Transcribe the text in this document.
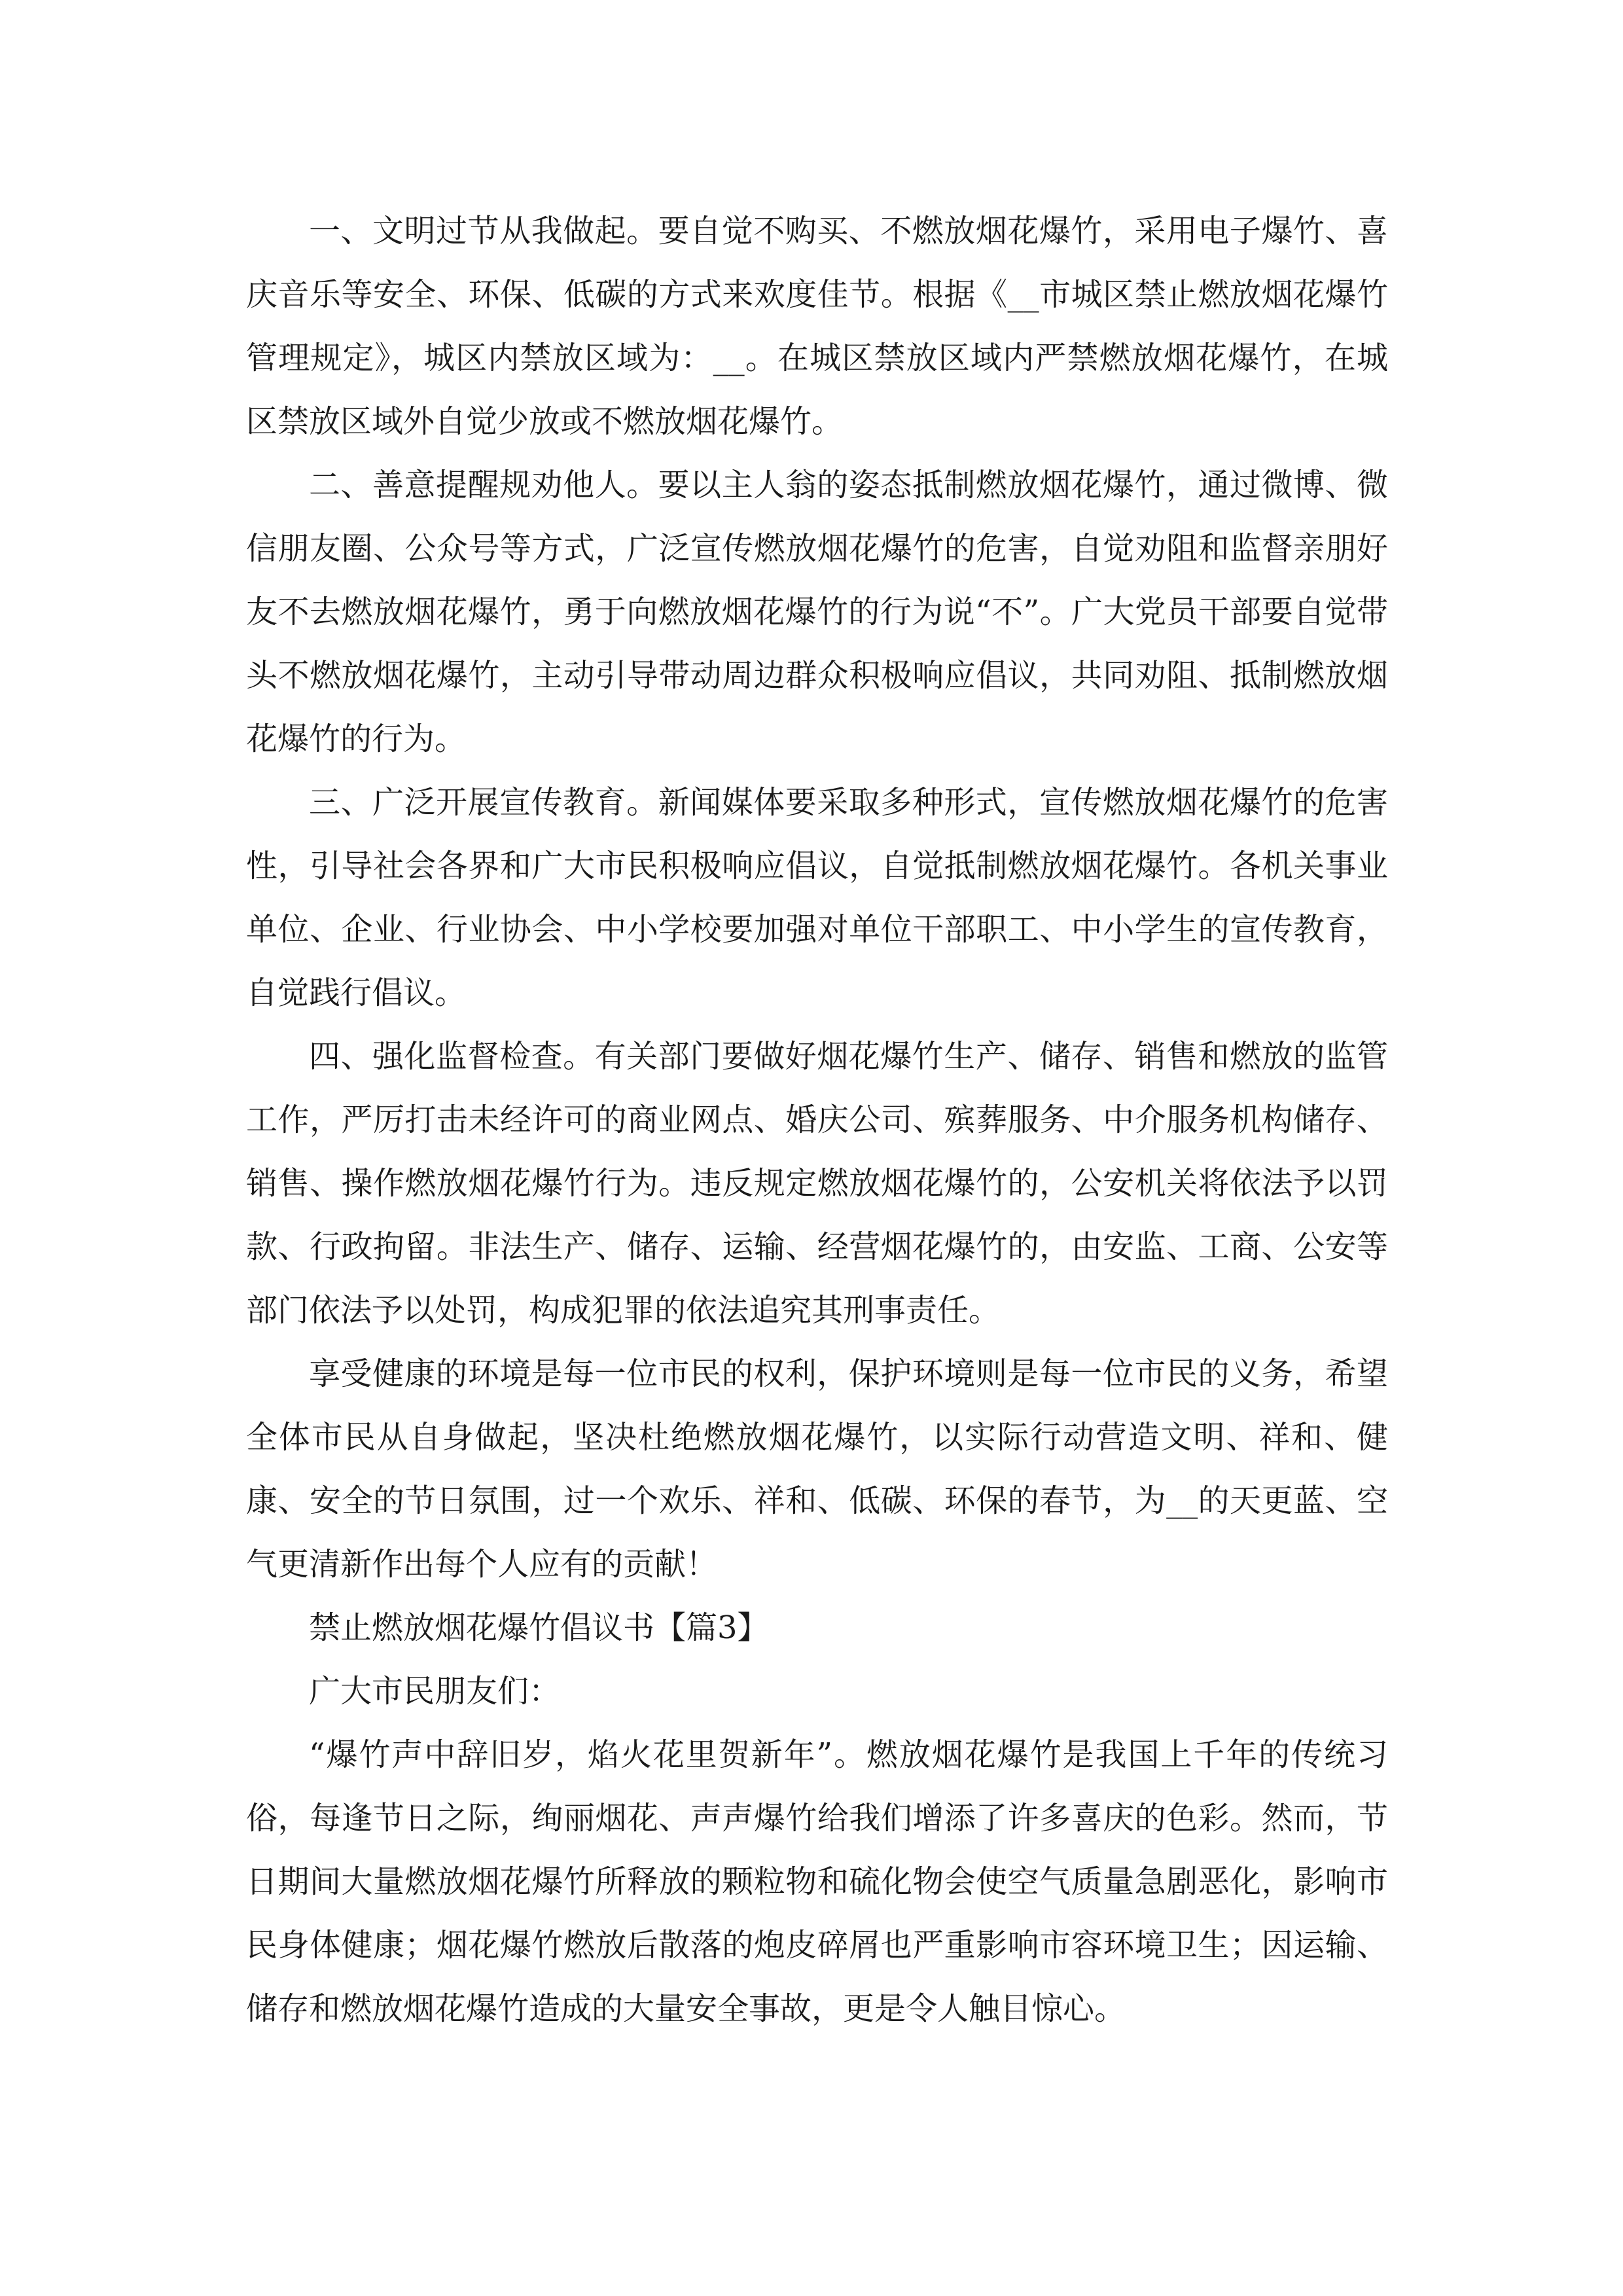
一、文明过节从我做起。要自觉不购买、不燃放烟花爆竹，采用电子爆竹、喜庆音乐等安全、环保、低碳的方式来欢度佳节。根据《__市城区禁止燃放烟花爆竹管理规定》，城区内禁放区域为：__。在城区禁放区域内严禁燃放烟花爆竹，在城区禁放区域外自觉少放或不燃放烟花爆竹。

二、善意提醒规劝他人。要以主人翁的姿态抵制燃放烟花爆竹，通过微博、微信朋友圈、公众号等方式，广泛宣传燃放烟花爆竹的危害，自觉劝阻和监督亲朋好友不去燃放烟花爆竹，勇于向燃放烟花爆竹的行为说“不”。广大党员干部要自觉带头不燃放烟花爆竹，主动引导带动周边群众积极响应倡议，共同劝阻、抵制燃放烟花爆竹的行为。

三、广泛开展宣传教育。新闻媒体要采取多种形式，宣传燃放烟花爆竹的危害性，引导社会各界和广大市民积极响应倡议，自觉抵制燃放烟花爆竹。各机关事业单位、企业、行业协会、中小学校要加强对单位干部职工、中小学生的宣传教育，自觉践行倡议。

四、强化监督检查。有关部门要做好烟花爆竹生产、储存、销售和燃放的监管工作，严厉打击未经许可的商业网点、婚庆公司、殡葬服务、中介服务机构储存、销售、操作燃放烟花爆竹行为。违反规定燃放烟花爆竹的，公安机关将依法予以罚款、行政拘留。非法生产、储存、运输、经营烟花爆竹的，由安监、工商、公安等部门依法予以处罚，构成犯罪的依法追究其刑事责任。

享受健康的环境是每一位市民的权利，保护环境则是每一位市民的义务，希望全体市民从自身做起，坚决杜绝燃放烟花爆竹，以实际行动营造文明、祥和、健康、安全的节日氛围，过一个欢乐、祥和、低碳、环保的春节，为__的天更蓝、空气更清新作出每个人应有的贡献！

禁止燃放烟花爆竹倡议书【篇3】

广大市民朋友们：

“爆竹声中辞旧岁，焰火花里贺新年”。燃放烟花爆竹是我国上千年的传统习俗，每逢节日之际，绚丽烟花、声声爆竹给我们增添了许多喜庆的色彩。然而，节日期间大量燃放烟花爆竹所释放的颗粒物和硫化物会使空气质量急剧恶化，影响市民身体健康；烟花爆竹燃放后散落的炮皮碎屑也严重影响市容环境卫生；因运输、储存和燃放烟花爆竹造成的大量安全事故，更是令人触目惊心。
